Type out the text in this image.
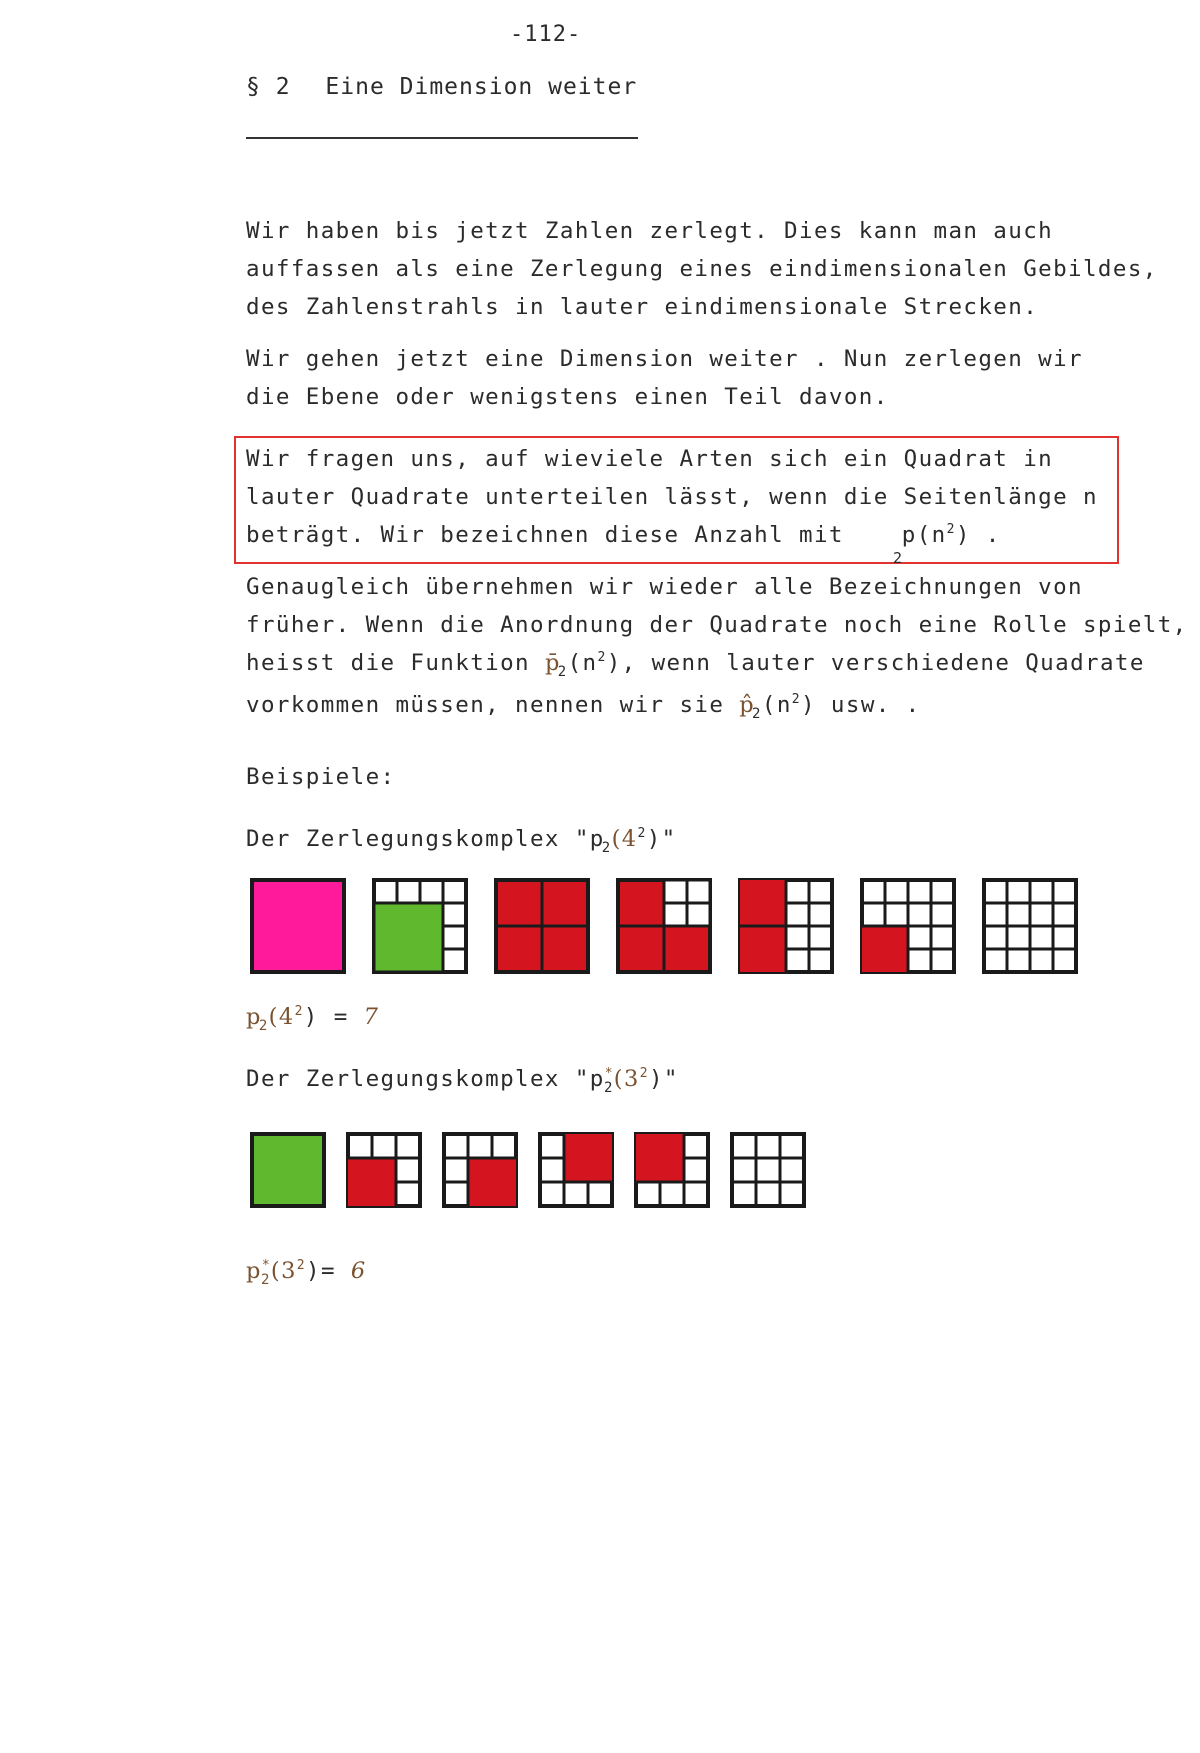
-112-
§ 2 Eine Dimension weiter
Wir haben bis jetzt Zahlen zerlegt. Dies kann man auch
auffassen als eine Zerlegung eines eindimensionalen Gebildes,
des Zahlenstrahls in lauter eindimensionale Strecken.
Wir gehen jetzt eine Dimension weiter . Nun zerlegen wir
die Ebene oder wenigstens einen Teil davon.
Wir fragen uns, auf wieviele Arten sich ein Quadrat in
lauter Quadrate unterteilen lässt, wenn die Seitenlänge n
beträgt. Wir bezeichnen diese Anzahl mit	$p(n^2)$ .
2
Genaugleich übernehmen wir wieder alle Bezeichnungen von
früher. Wenn die Anordnung der Quadrate noch eine Rolle spielt,
heisst die Funktion $p̄_2(n^2)$, wenn lauter verschiedene Quadrate
vorkommen müssen, nennen wir sie $p̂_2(n^2)$ usw. .
Beispiele:
Der Zerlegungskomplex "$p_2(4^2)$"
$p_2(4^2) = 7$
Der Zerlegungskomplex "$p^*_2(3^2)$"
$p^*_2(3^2)= 6$
